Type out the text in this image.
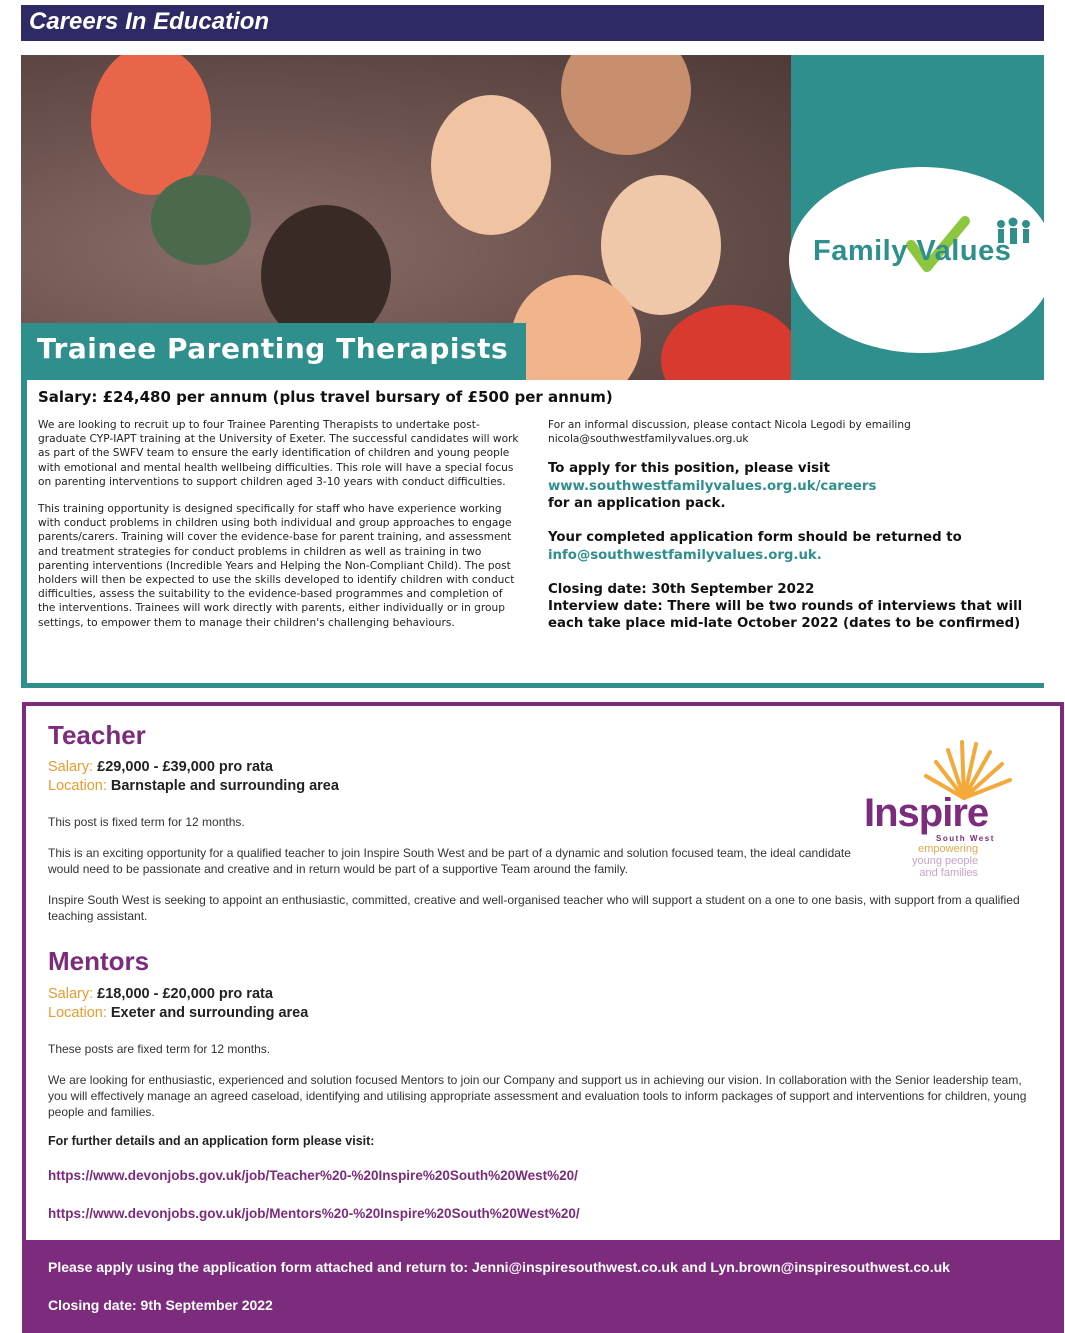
Careers In Education
Family Values
Trainee Parenting Therapists
Salary: £24,480 per annum (plus travel bursary of £500 per annum)

We are looking to recruit up to four Trainee Parenting Therapists to undertake post-graduate CYP-IAPT training at the University of Exeter. The successful candidates will work as part of the SWFV team to ensure the early identification of children and young people with emotional and mental health wellbeing difficulties. This role will have a special focus on parenting interventions to support children aged 3-10 years with conduct difficulties.

This training opportunity is designed specifically for staff who have experience working with conduct problems in children using both individual and group approaches to engage parents/carers. Training will cover the evidence-base for parent training, and assessment and treatment strategies for conduct problems in children as well as training in two parenting interventions (Incredible Years and Helping the Non-Compliant Child). The post holders will then be expected to use the skills developed to identify children with conduct difficulties, assess the suitability to the evidence-based programmes and completion of the interventions. Trainees will work directly with parents, either individually or in group settings, to empower them to manage their children's challenging behaviours.

For an informal discussion, please contact Nicola Legodi by emailing nicola@southwestfamilyvalues.org.uk
To apply for this position, please visit
www.southwestfamilyvalues.org.uk/careers
for an application pack.
Your completed application form should be returned to
info@southwestfamilyvalues.org.uk.
Closing date: 30th September 2022
Interview date: There will be two rounds of interviews that will each take place mid-late October 2022 (dates to be confirmed)
Teacher
Salary: £29,000 - £39,000 pro rata
Location: Barnstaple and surrounding area
This post is fixed term for 12 months.
This is an exciting opportunity for a qualified teacher to join Inspire South West and be part of a dynamic and solution focused team, the ideal candidate would need to be passionate and creative and in return would be part of a supportive Team around the family.
Inspire South West is seeking to appoint an enthusiastic, committed, creative and well-organised teacher who will support a student on a one to one basis, with support from a qualified teaching assistant.
Mentors
Salary: £18,000 - £20,000 pro rata
Location: Exeter and surrounding area
These posts are fixed term for 12 months.
We are looking for enthusiastic, experienced and solution focused Mentors to join our Company and support us in achieving our vision. In collaboration with the Senior leadership team, you will effectively manage an agreed caseload, identifying and utilising appropriate assessment and evaluation tools to inform packages of support and interventions for children, young people and families.
For further details and an application form please visit:
https://www.devonjobs.gov.uk/job/Teacher%20-%20Inspire%20South%20West%20/
https://www.devonjobs.gov.uk/job/Mentors%20-%20Inspire%20South%20West%20/
Inspire
South West
empowering
young people
and families
Please apply using the application form attached and return to: Jenni@inspiresouthwest.co.uk and Lyn.brown@inspiresouthwest.co.uk
Closing date: 9th September 2022
